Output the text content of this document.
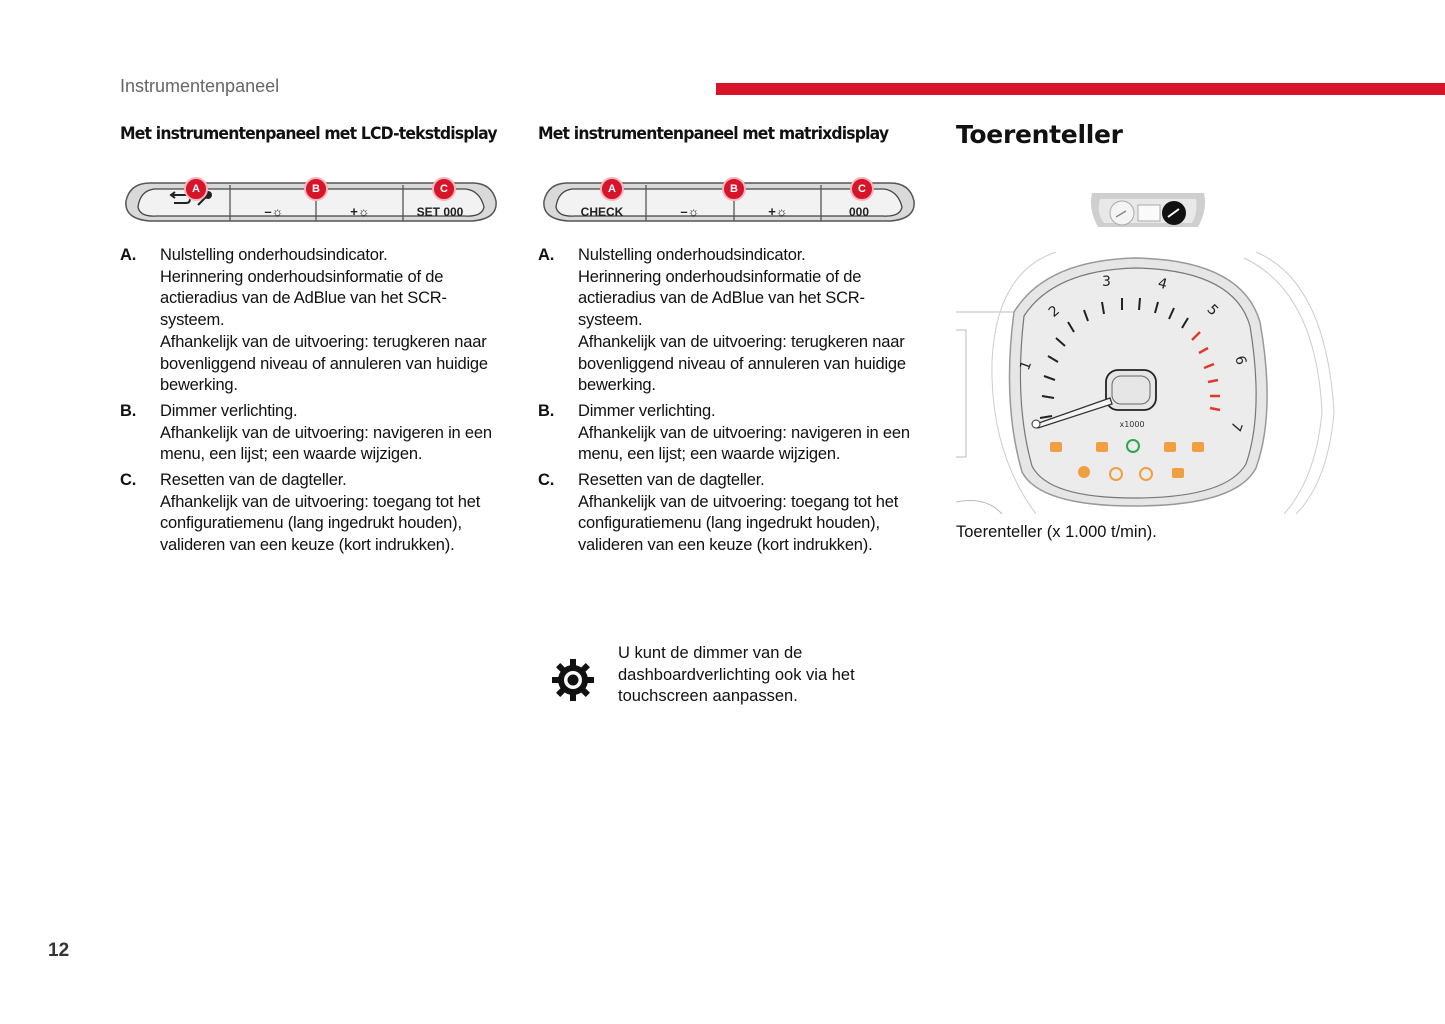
Instrumentenpaneel
Met instrumentenpaneel met LCD-tekstdisplay
–☼	+☼	SET 000
A	B	C
A.	Nulstelling onderhoudsindicator.

Herinnering onderhoudsinformatie of de actieradius van de AdBlue van het SCR-systeem.

Afhankelijk van de uitvoering: terugkeren naar bovenliggend niveau of annuleren van huidige bewerking.

B.	Dimmer verlichting.

Afhankelijk van de uitvoering: navigeren in een menu, een lijst; een waarde wijzigen.

C.	Resetten van de dagteller.

Afhankelijk van de uitvoering: toegang tot het configuratiemenu (lang ingedrukt houden), valideren van een keuze (kort indrukken).

Met instrumentenpaneel met matrixdisplay
CHECK	–☼	+☼	000
A	B	C
A.	Nulstelling onderhoudsindicator.

Herinnering onderhoudsinformatie of de actieradius van de AdBlue van het SCR-systeem.

Afhankelijk van de uitvoering: terugkeren naar bovenliggend niveau of annuleren van huidige bewerking.

B.	Dimmer verlichting.

Afhankelijk van de uitvoering: navigeren in een menu, een lijst; een waarde wijzigen.

C.	Resetten van de dagteller.

Afhankelijk van de uitvoering: toegang tot het configuratiemenu (lang ingedrukt houden), valideren van een keuze (kort indrukken).

Toerenteller
1
2
3	4
5
6
7
x1000
Toerenteller (x 1.000 t/min).
U kunt de dimmer van de dashboardverlichting ook via het touchscreen aanpassen.
12
